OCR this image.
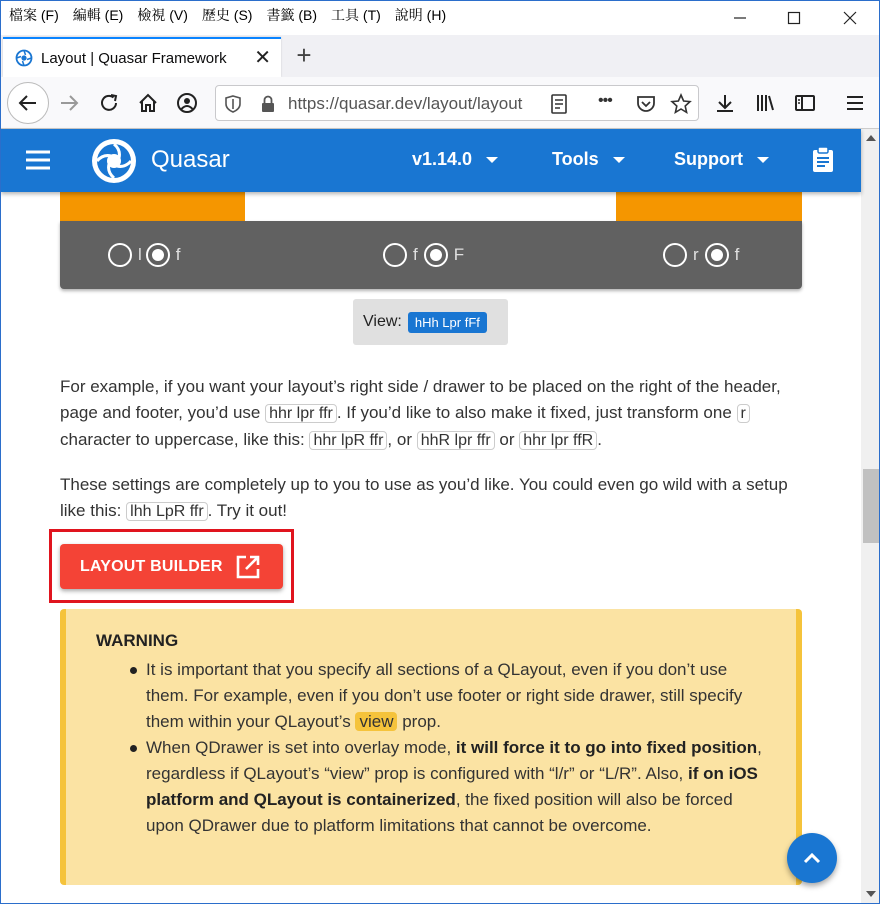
檔案 (F)	編輯 (E)	檢視 (V)	歷史 (S)	書籤 (B)	工具 (T)	說明 (H)
Layout | Quasar Framework ✕ +
https://quasar.dev/layout/layout	•••
Quasar	v1.14.0	Tools	Support
l f	f F	r f
View:	hHh Lpr fFf

For example, if you want your layout’s right side / drawer to be placed on the right of the header, page and footer, you’d use hhr lpr ffr . If you’d like to also make it fixed, just transform one r character to uppercase, like this: hhr lpR ffr , or hhR lpr ffr or hhr lpr ffR .

These settings are completely up to you to use as you’d like. You could even go wild with a setup like this: lhh LpR ffr . Try it out!

LAYOUT BUILDER
WARNING
It is important that you specify all sections of a QLayout, even if you don’t use them. For example, even if you don’t use footer or right side drawer, still specify them within your QLayout’s view prop.
When QDrawer is set into overlay mode, it will force it to go into fixed position, regardless if QLayout’s “view” prop is configured with “l/r” or “L/R”. Also, if on iOS platform and QLayout is containerized, the fixed position will also be forced upon QDrawer due to platform limitations that cannot be overcome.
